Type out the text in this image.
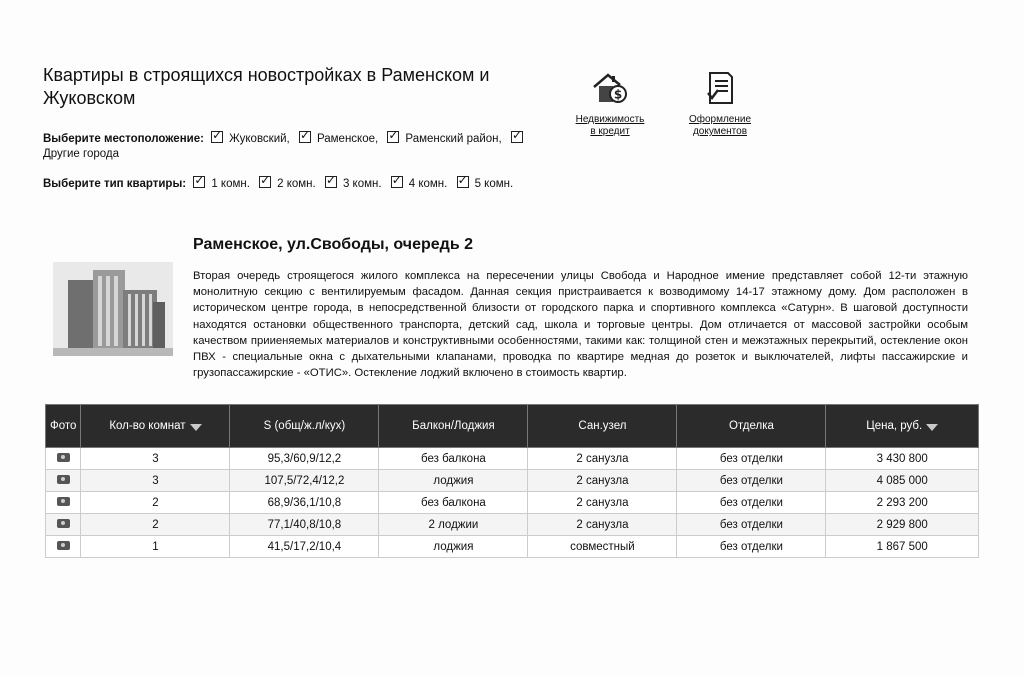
Квартиры в строящихся новостройках в Раменском и Жуковском
Выберите местоположение: ✓ Жуковский, ✓ Раменское, ✓ Раменский район, ✓
Другие города
Выберите тип квартиры: ✓ 1 комн. ✓ 2 комн. ✓ 3 комн. ✓ 4 комн. ✓ 5 комн.
$
Недвижимость
в кредит
Оформление
документов
Раменское, ул.Свободы, очередь 2

Вторая очередь строящегося жилого комплекса на пересечении улицы Свобода и Народное имение представляет собой 12-ти этажную монолитную секцию с вентилируемым фасадом. Данная секция пристраивается к возводимому 14-17 этажному дому. Дом расположен в историческом центре города, в непосредственной близости от городского парка и спортивного комплекса «Сатурн». В шаговой доступности находятся остановки общественного транспорта, детский сад, школа и торговые центры. Дом отличается от массовой застройки особым качеством прииеняемых материалов и конструктивными особенностями, такими как: толщиной стен и межэтажных перекрытий, остекление окон ПВХ - специальные окна с дыхательными клапанами, проводка по квартире медная до розеток и выключателей, лифты пассажирские и грузопассажирские - «ОТИС». Остекление лоджий включено в стоимость квартир.

Фото	Кол-во комнат	S (общ/ж.л/кух)	Балкон/Лоджия	Сан.узел	Отделка	Цена, руб.
	3	95,3/60,9/12,2	без балкона	2 санузла	без отделки	3 430 800
	3	107,5/72,4/12,2	лоджия	2 санузла	без отделки	4 085 000
	2	68,9/36,1/10,8	без балкона	2 санузла	без отделки	2 293 200
	2	77,1/40,8/10,8	2 лоджии	2 санузла	без отделки	2 929 800
	1	41,5/17,2/10,4	лоджия	совместный	без отделки	1 867 500
